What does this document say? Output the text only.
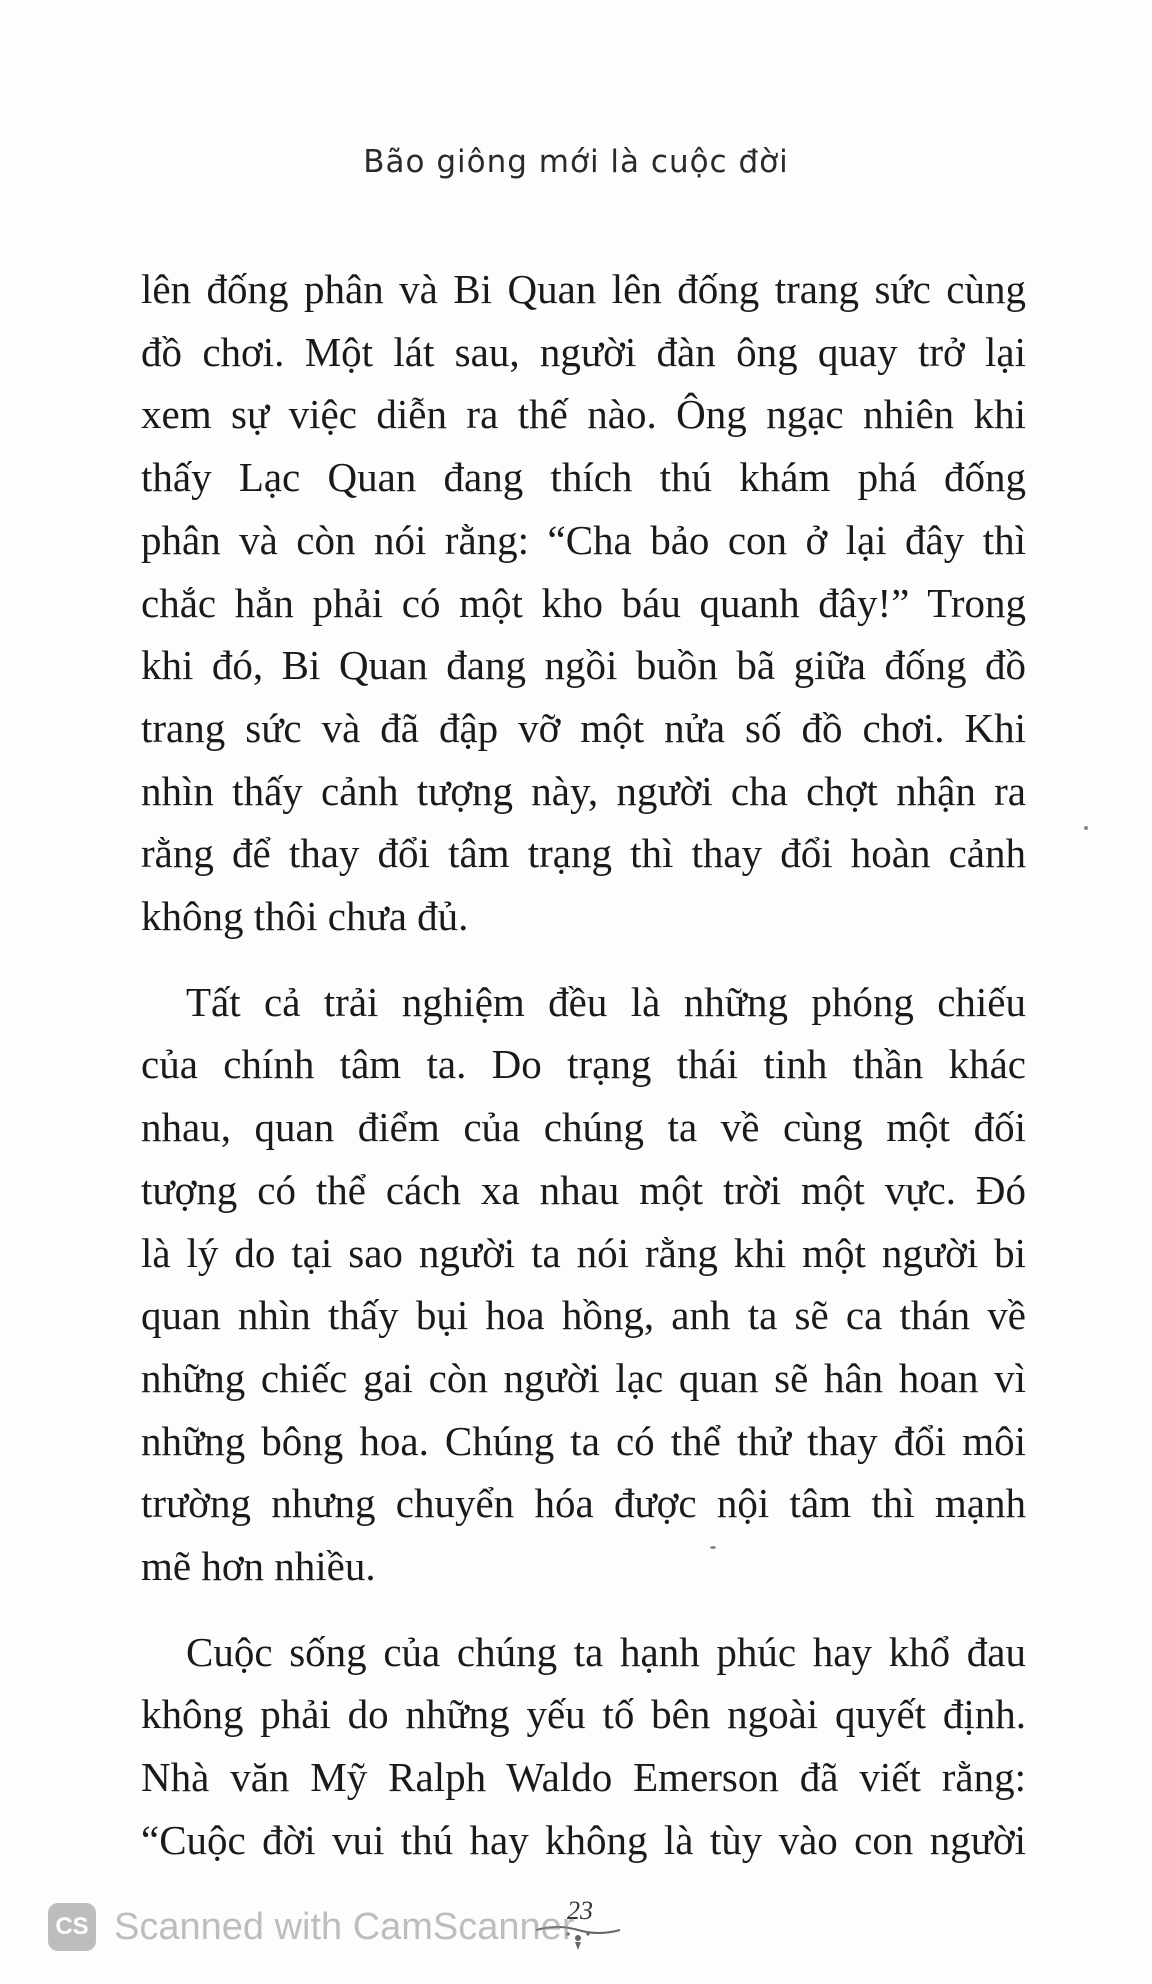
Bão giông mới là cuộc đời
lên đống phân và Bi Quan lên đống trang sức cùng
đồ chơi. Một lát sau, người đàn ông quay trở lại
xem sự việc diễn ra thế nào. Ông ngạc nhiên khi
thấy Lạc Quan đang thích thú khám phá đống
phân và còn nói rằng: “Cha bảo con ở lại đây thì
chắc hẳn phải có một kho báu quanh đây!” Trong
khi đó, Bi Quan đang ngồi buồn bã giữa đống đồ
trang sức và đã đập vỡ một nửa số đồ chơi. Khi
nhìn thấy cảnh tượng này, người cha chợt nhận ra
rằng để thay đổi tâm trạng thì thay đổi hoàn cảnh
không thôi chưa đủ.
Tất cả trải nghiệm đều là những phóng chiếu
của chính tâm ta. Do trạng thái tinh thần khác
nhau, quan điểm của chúng ta về cùng một đối
tượng có thể cách xa nhau một trời một vực. Đó
là lý do tại sao người ta nói rằng khi một người bi
quan nhìn thấy bụi hoa hồng, anh ta sẽ ca thán về
những chiếc gai còn người lạc quan sẽ hân hoan vì
những bông hoa. Chúng ta có thể thử thay đổi môi
trường nhưng chuyển hóa được nội tâm thì mạnh
mẽ hơn nhiều.
Cuộc sống của chúng ta hạnh phúc hay khổ đau
không phải do những yếu tố bên ngoài quyết định.
Nhà văn Mỹ Ralph Waldo Emerson đã viết rằng:
“Cuộc đời vui thú hay không là tùy vào con người
23
CS Scanned with CamScanner
